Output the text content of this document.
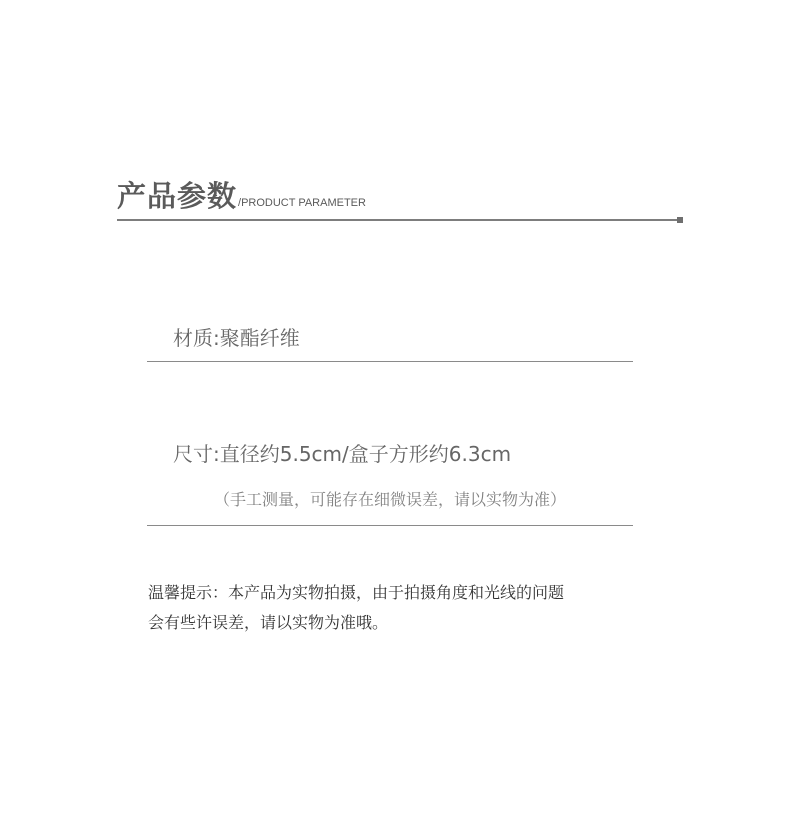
产品参数 /PRODUCT PARAMETER
材质:聚酯纤维
尺寸:直径约5.5cm/盒子方形约6.3cm
（手工测量，可能存在细微误差，请以实物为准）
温馨提示：本产品为实物拍摄，由于拍摄角度和光线的问题
会有些许误差，请以实物为准哦。
